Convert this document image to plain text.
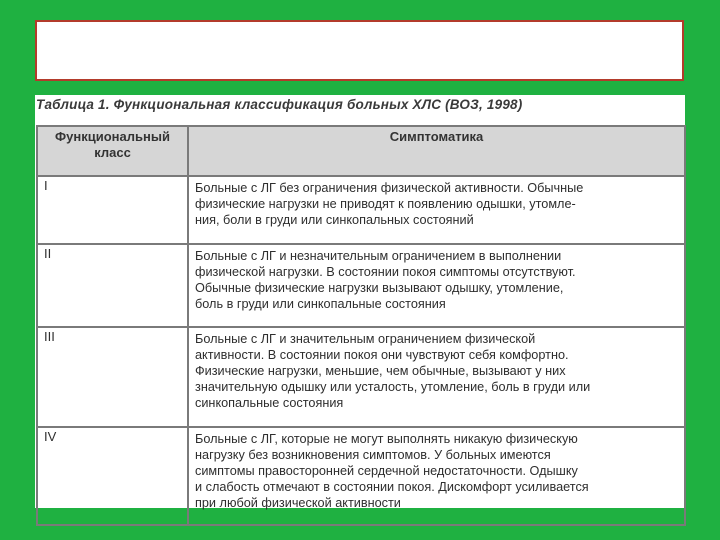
Таблица 1. Функциональная классификация больных ХЛС (ВОЗ, 1998)
Функциональный
класс	Симптоматика
I	Больные с ЛГ без ограничения физической активности. Обычные
физические нагрузки не приводят к появлению одышки, утомле-
ния, боли в груди или синкопальных состояний

II	Больные с ЛГ и незначительным ограничением в выполнении
физической нагрузки. В состоянии покоя симптомы отсутствуют.
Обычные физические нагрузки вызывают одышку, утомление,
боль в груди или синкопальные состояния

III	Больные с ЛГ и значительным ограничением физической
активности. В состоянии покоя они чувствуют себя комфортно.
Физические нагрузки, меньшие, чем обычные, вызывают у них
значительную одышку или усталость, утомление, боль в груди или
синкопальные состояния

IV	Больные с ЛГ, которые не могут выполнять никакую физическую
нагрузку без возникновения симптомов. У больных имеются
симптомы правосторонней сердечной недостаточности. Одышку
и слабость отмечают в состоянии покоя. Дискомфорт усиливается
при любой физической активности
